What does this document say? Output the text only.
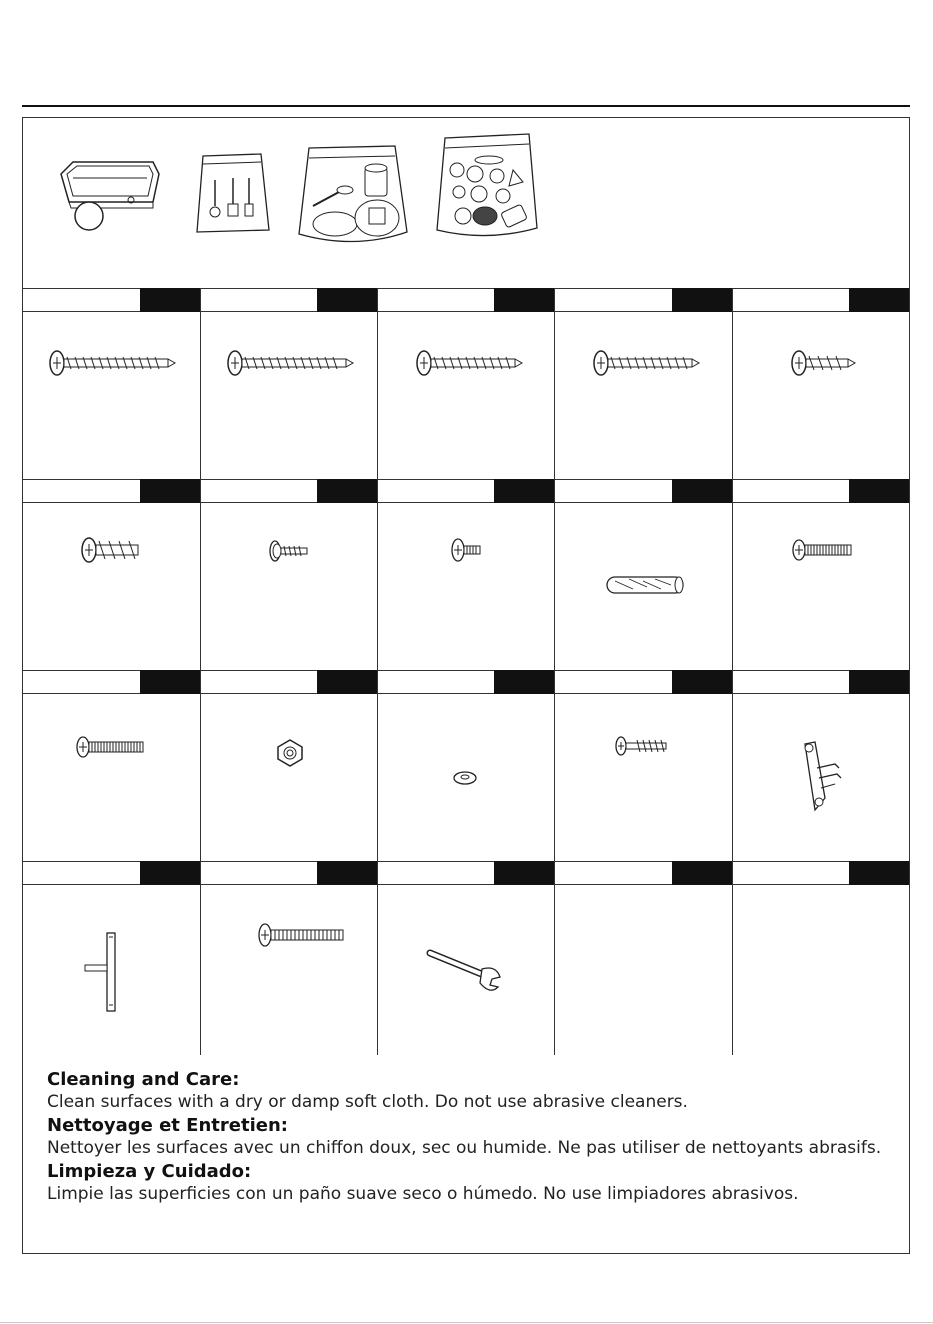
Cleaning and Care:
Clean surfaces with a dry or damp soft cloth. Do not use abrasive cleaners.
Nettoyage et Entretien:
Nettoyer les surfaces avec un chiffon doux, sec ou humide. Ne pas utiliser de nettoyants abrasifs.
Limpieza y Cuidado:
Limpie las superficies con un paño suave seco o húmedo. No use limpiadores abrasivos.
